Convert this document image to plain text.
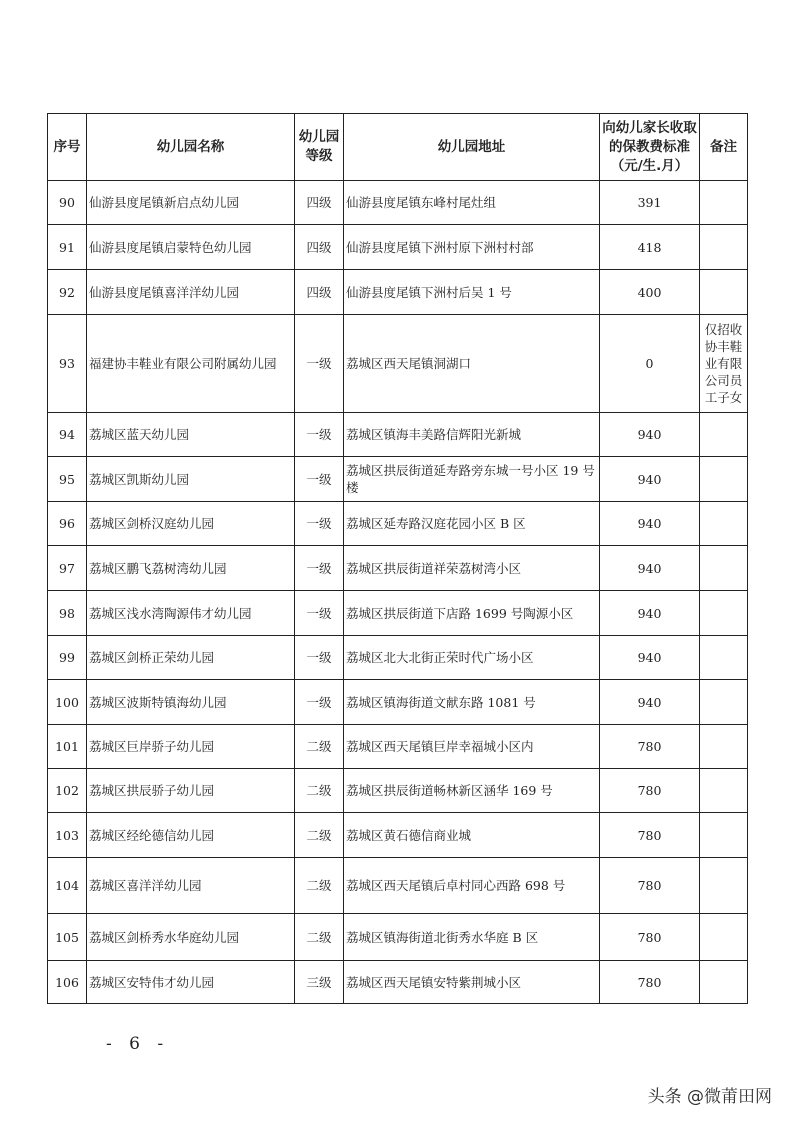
序号	幼儿园名称	幼儿园等级	幼儿园地址	向幼儿家长收取的保教费标准（元/生.月）	备注
90	仙游县度尾镇新启点幼儿园	四级	仙游县度尾镇东峰村尾灶组	391	
91	仙游县度尾镇启蒙特色幼儿园	四级	仙游县度尾镇下洲村原下洲村村部	418	
92	仙游县度尾镇喜洋洋幼儿园	四级	仙游县度尾镇下洲村后吴 1 号	400	
93	福建协丰鞋业有限公司附属幼儿园	一级	荔城区西天尾镇洞湖口	0	仅招收协丰鞋业有限公司员工子女
94	荔城区蓝天幼儿园	一级	荔城区镇海丰美路信辉阳光新城	940	
95	荔城区凯斯幼儿园	一级	荔城区拱辰街道延寿路旁东城一号小区 19 号楼	940	
96	荔城区剑桥汉庭幼儿园	一级	荔城区延寿路汉庭花园小区 B 区	940	
97	荔城区鹏飞荔树湾幼儿园	一级	荔城区拱辰街道祥荣荔树湾小区	940	
98	荔城区浅水湾陶源伟才幼儿园	一级	荔城区拱辰街道下店路 1699 号陶源小区	940	
99	荔城区剑桥正荣幼儿园	一级	荔城区北大北街正荣时代广场小区	940	
100	荔城区波斯特镇海幼儿园	一级	荔城区镇海街道文献东路 1081 号	940	
101	荔城区巨岸骄子幼儿园	二级	荔城区西天尾镇巨岸幸福城小区内	780	
102	荔城区拱辰骄子幼儿园	二级	荔城区拱辰街道畅林新区涵华 169 号	780	
103	荔城区经纶德信幼儿园	二级	荔城区黄石德信商业城	780	
104	荔城区喜洋洋幼儿园	二级	荔城区西天尾镇后卓村同心西路 698 号	780	
105	荔城区剑桥秀水华庭幼儿园	二级	荔城区镇海街道北街秀水华庭 B 区	780	
106	荔城区安特伟才幼儿园	三级	荔城区西天尾镇安特紫荆城小区	780	
- 6 -
头条 @微莆田网
